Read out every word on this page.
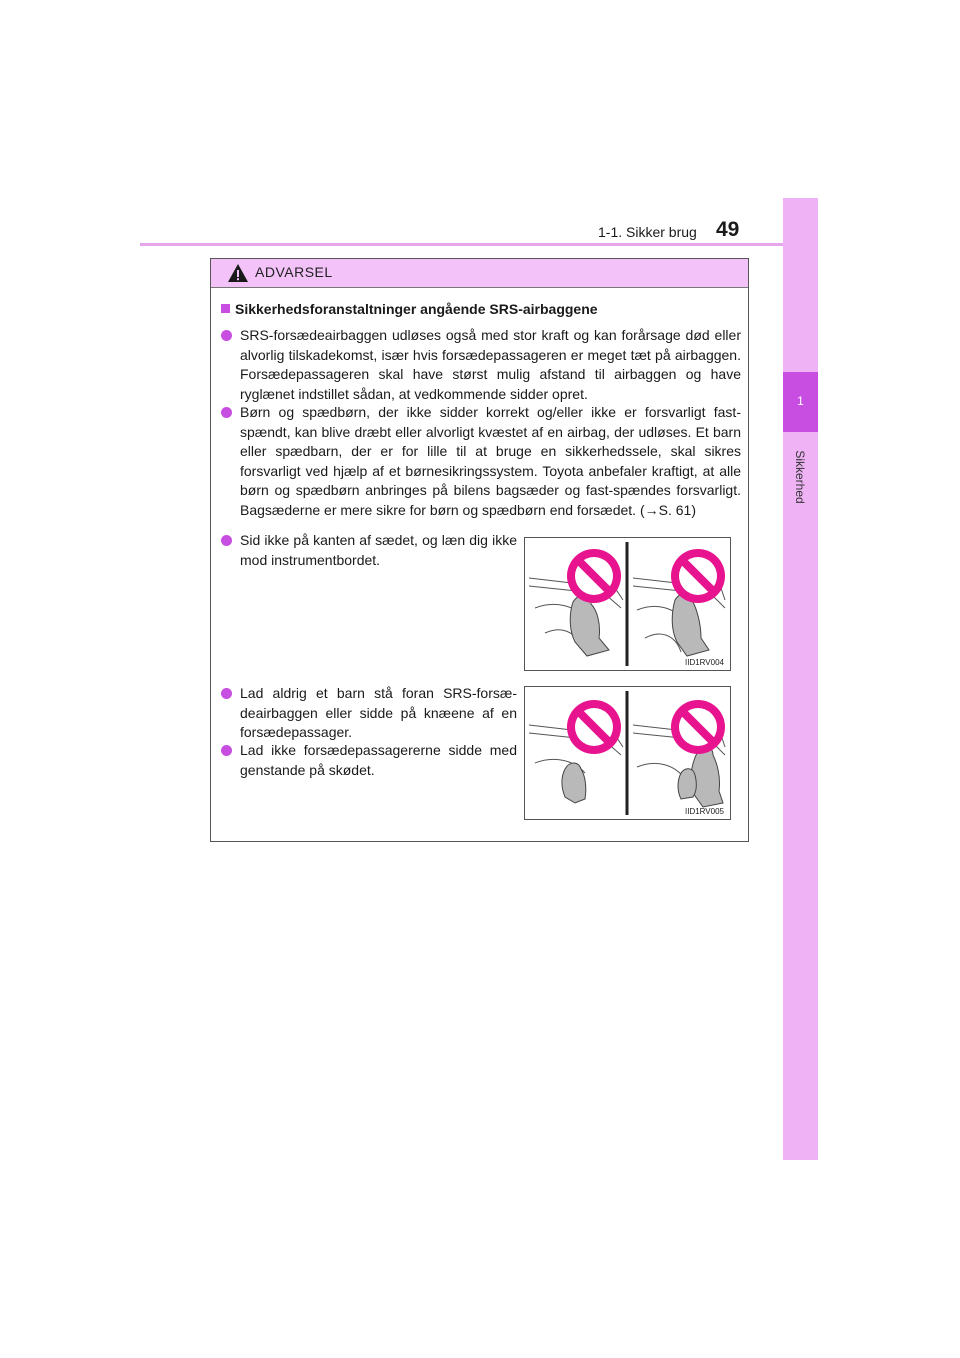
1-1. Sikker brug 49
1
Sikkerhed
ADVARSEL
Sikkerhedsforanstaltninger angående SRS-airbaggene
SRS-forsædeairbaggen udløses også med stor kraft og kan forårsage død eller alvorlig tilskadekomst, især hvis forsædepassageren er meget tæt på airbaggen. Forsædepassageren skal have størst mulig afstand til airbaggen og have ryglænet indstillet sådan, at vedkommende sidder opret.
Børn og spædbørn, der ikke sidder korrekt og/eller ikke er forsvarligt fast-spændt, kan blive dræbt eller alvorligt kvæstet af en airbag, der udløses. Et barn eller spædbarn, der er for lille til at bruge en sikkerhedssele, skal sikres forsvarligt ved hjælp af et børnesikringssystem. Toyota anbefaler kraftigt, at alle børn og spædbørn anbringes på bilens bagsæder og fast-spændes forsvarligt. Bagsæderne er mere sikre for børn og spædbørn end forsædet. (→S. 61)
Sid ikke på kanten af sædet, og læn dig ikke mod instrumentbordet.
Lad aldrig et barn stå foran SRS-forsæ-deairbaggen eller sidde på knæene af en forsædepassager.
Lad ikke forsædepassagererne sidde med genstande på skødet.
IID1RV004
IID1RV005
